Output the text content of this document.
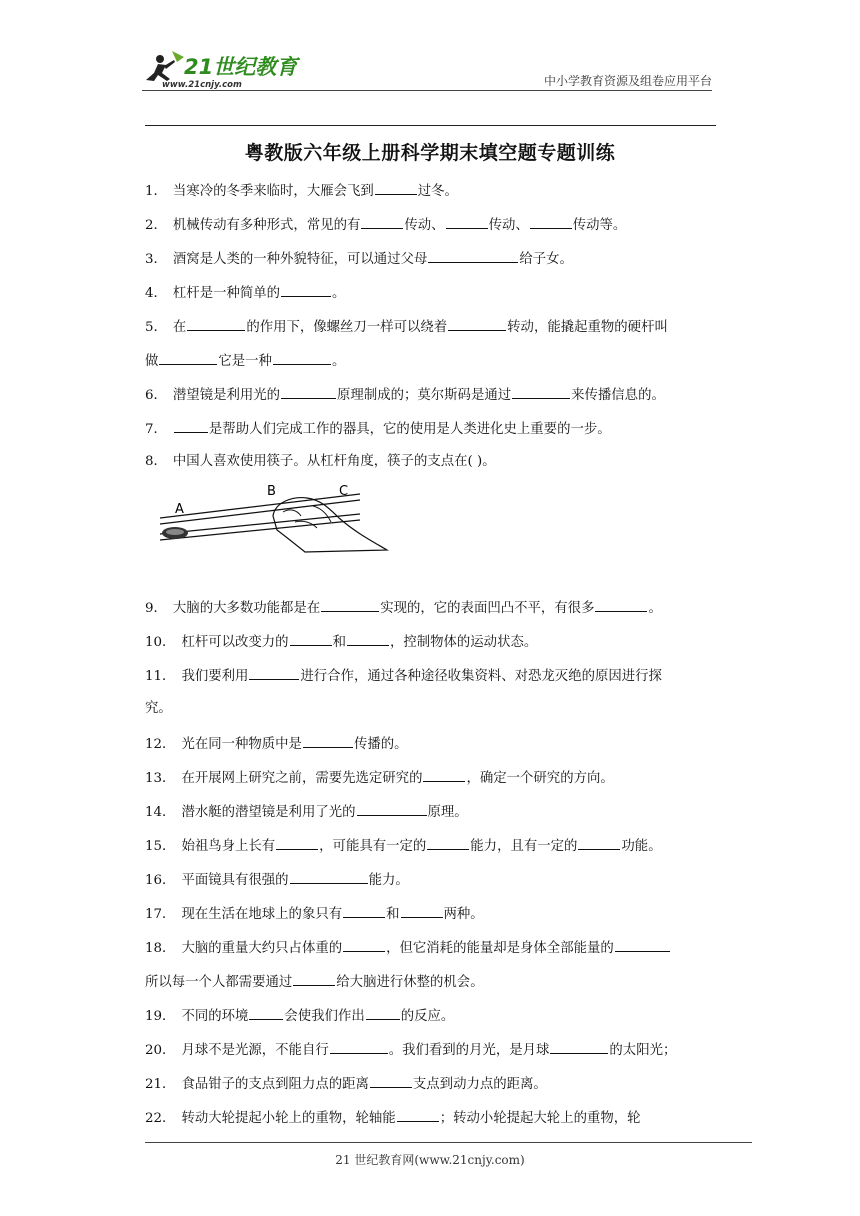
21世纪教育
www.21cnjy.com	中小学教育资源及组卷应用平台
粤教版六年级上册科学期末填空题专题训练
1． 当寒冷的冬季来临时，大雁会飞到	过冬。
2． 机械传动有多种形式，常见的有	传动、	传动、	传动等。
3． 酒窝是人类的一种外貌特征，可以通过父母	给子女。
4． 杠杆是一种简单的	。
5． 在	的作用下，像螺丝刀一样可以绕着	转动，能撬起重物的硬杆叫
做	它是一种	。
6． 潜望镜是利用光的	原理制成的；莫尔斯码是通过	来传播信息的。
7．	是帮助人们完成工作的器具，它的使用是人类进化史上重要的一步。
8． 中国人喜欢使用筷子。从杠杆角度，筷子的支点在( )。
9． 大脑的大多数功能都是在	实现的，它的表面凹凸不平，有很多	。
10． 杠杆可以改变力的	和	，控制物体的运动状态。
11． 我们要利用	进行合作，通过各种途径收集资料、对恐龙灭绝的原因进行探
究。
12． 光在同一种物质中是	传播的。
13． 在开展网上研究之前，需要先选定研究的	，确定一个研究的方向。
14． 潜水艇的潜望镜是利用了光的	原理。
15． 始祖鸟身上长有	，可能具有一定的	能力，且有一定的	功能。
16． 平面镜具有很强的	能力。
17． 现在生活在地球上的象只有	和	两种。
18． 大脑的重量大约只占体重的	，但它消耗的能量却是身体全部能量的
所以每一个人都需要通过	给大脑进行休整的机会。
19． 不同的环境	会使我们作出	的反应。
20． 月球不是光源，不能自行	。我们看到的月光，是月球	的太阳光；
21． 食品钳子的支点到阻力点的距离	支点到动力点的距离。
22． 转动大轮提起小轮上的重物，轮轴能	；转动小轮提起大轮上的重物，轮
A
B	C
21 世纪教育网(www.21cnjy.com)
